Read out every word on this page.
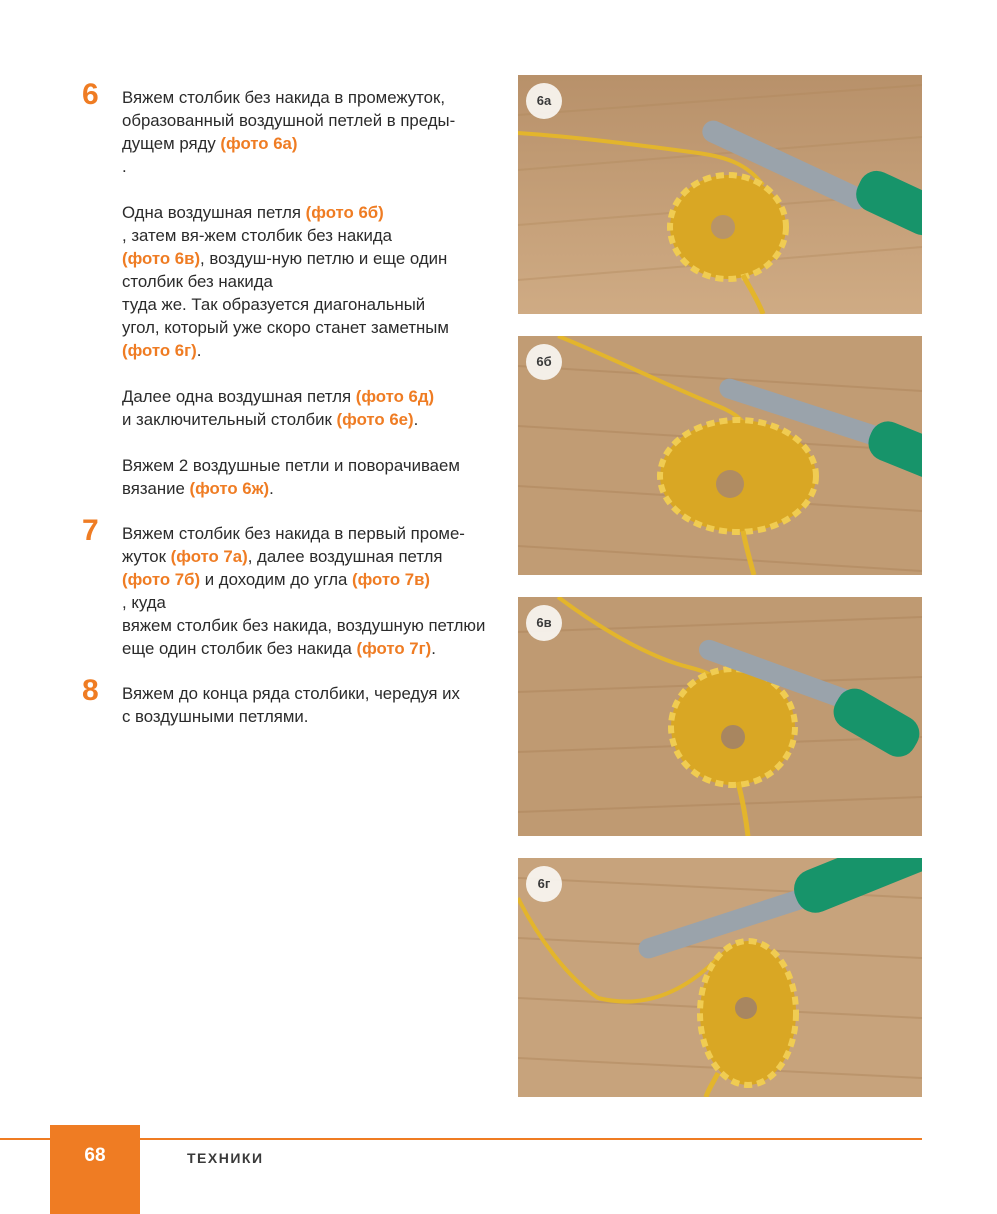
6 Вяжем столбик без накида в промежуток,
образованный воздушной петлей в преды-
дущем ряду (фото 6а)
.

Одна воздушная петля (фото 6б)
, затем вя-жем столбик без накида
(фото 6в), воздуш-ную петлю и еще один столбик без накида
туда же. Так образуется диагональный
угол, который уже скоро станет заметным
(фото 6г).

Далее одна воздушная петля (фото 6д)
и заключительный столбик (фото 6е).

Вяжем 2 воздушные петли и поворачиваем
вязание (фото 6ж).

7 Вяжем столбик без накида в первый проме-
жуток (фото 7а), далее воздушная петля
(фото 7б) и доходим до угла (фото 7в)
, куда
вяжем столбик без накида, воздушную петлюи еще один столбик без накида (фото 7г).

8 Вяжем до конца ряда столбики, чередуя их
с воздушными петлями.

6а
6б
6в
6г
68	ТЕХНИКИ
